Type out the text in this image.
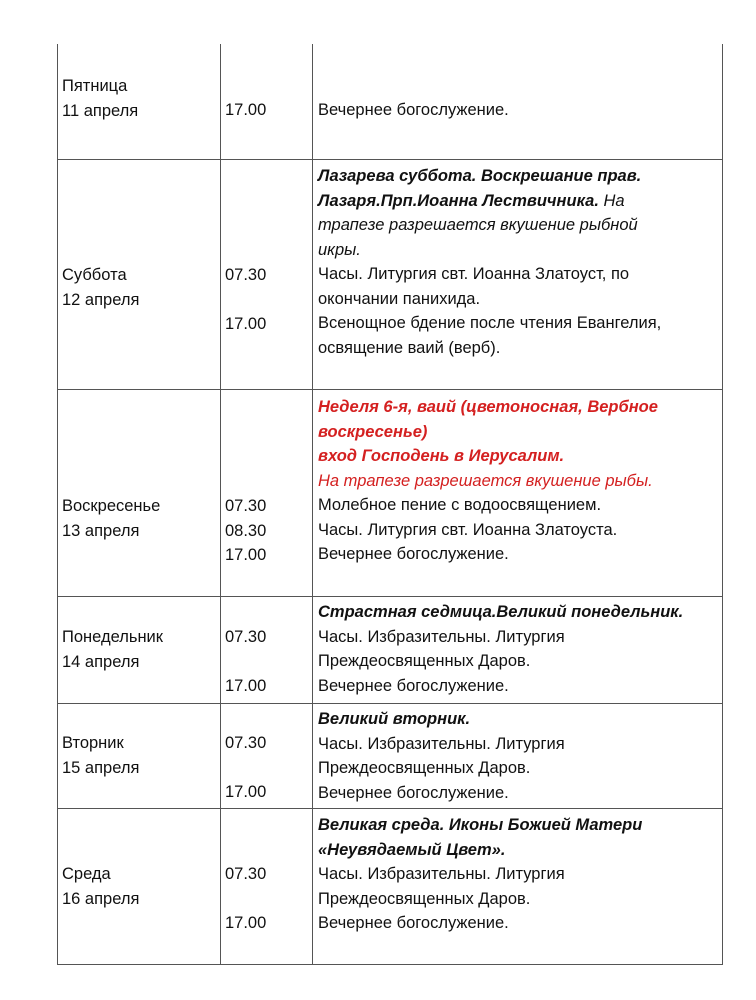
Пятница
11 апреля	17.00	Вечернее богослужение.
Суббота
12 апреля
07.30
17.00
Лазарева суббота. Воскрешание прав.
Лазаря.Прп.Иоанна Лествичника. На
трапезе разрешается вкушение рыбной
икры.
Часы. Литургия свт. Иоанна Златоуст, по
окончании панихида.
Всенощное бдение после чтения Евангелия,
освящение ваий (верб).
Воскресенье
13 апреля
07.30
08.30
17.00
Неделя 6-я, ваий (цветоносная, Вербное
воскресенье)
вход Господень в Иерусалим.
На трапезе разрешается вкушение рыбы.
Молебное пение с водоосвящением.
Часы. Литургия свт. Иоанна Златоуста.
Вечернее богослужение.
Понедельник
14 апреля
07.30
17.00
Страстная седмица.Великий понедельник.
Часы. Избразительны. Литургия
Преждеосвященных Даров.
Вечернее богослужение.
Вторник
15 апреля
07.30
17.00
Великий вторник.
Часы. Избразительны. Литургия
Преждеосвященных Даров.
Вечернее богослужение.
Среда
16 апреля
07.30
17.00
Великая среда. Иконы Божией Матери
«Неувядаемый Цвет».
Часы. Избразительны. Литургия
Преждеосвященных Даров.
Вечернее богослужение.
